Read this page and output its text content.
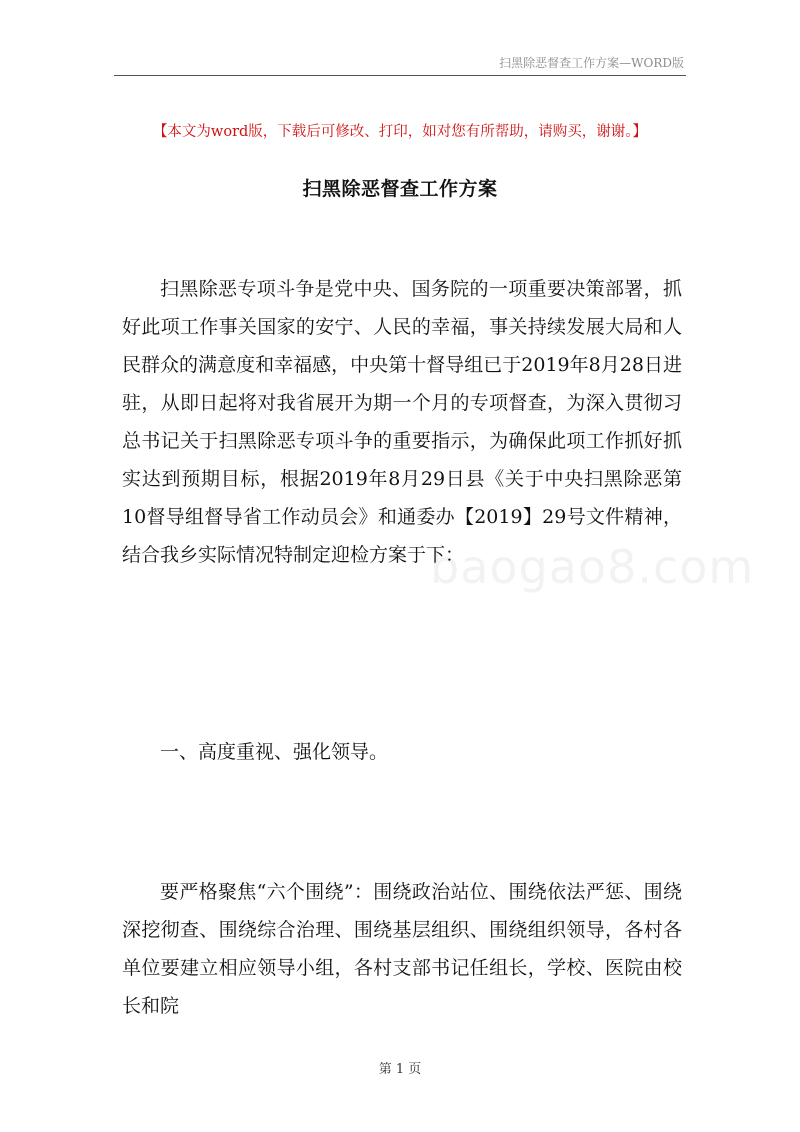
扫黑除恶督查工作方案—WORD版
【本文为word版，下载后可修改、打印，如对您有所帮助，请购买，谢谢。】
扫黑除恶督查工作方案

扫黑除恶专项斗争是党中央、国务院的一项重要决策部署，抓好此项工作事关国家的安宁、人民的幸福，事关持续发展大局和人民群众的满意度和幸福感，中央第十督导组已于2019年8月28日进驻，从即日起将对我省展开为期一个月的专项督查，为深入贯彻习总书记关于扫黑除恶专项斗争的重要指示，为确保此项工作抓好抓实达到预期目标，根据2019年8月29日县《关于中央扫黑除恶第10督导组督导省工作动员会》和通委办【2019】29号文件精神，结合我乡实际情况特制定迎检方案于下：

baogao8.com

一、高度重视、强化领导。

要严格聚焦“六个围绕”：围绕政治站位、围绕依法严惩、围绕深挖彻查、围绕综合治理、围绕基层组织、围绕组织领导，各村各单位要建立相应领导小组，各村支部书记任组长，学校、医院由校长和院

第 1 页
